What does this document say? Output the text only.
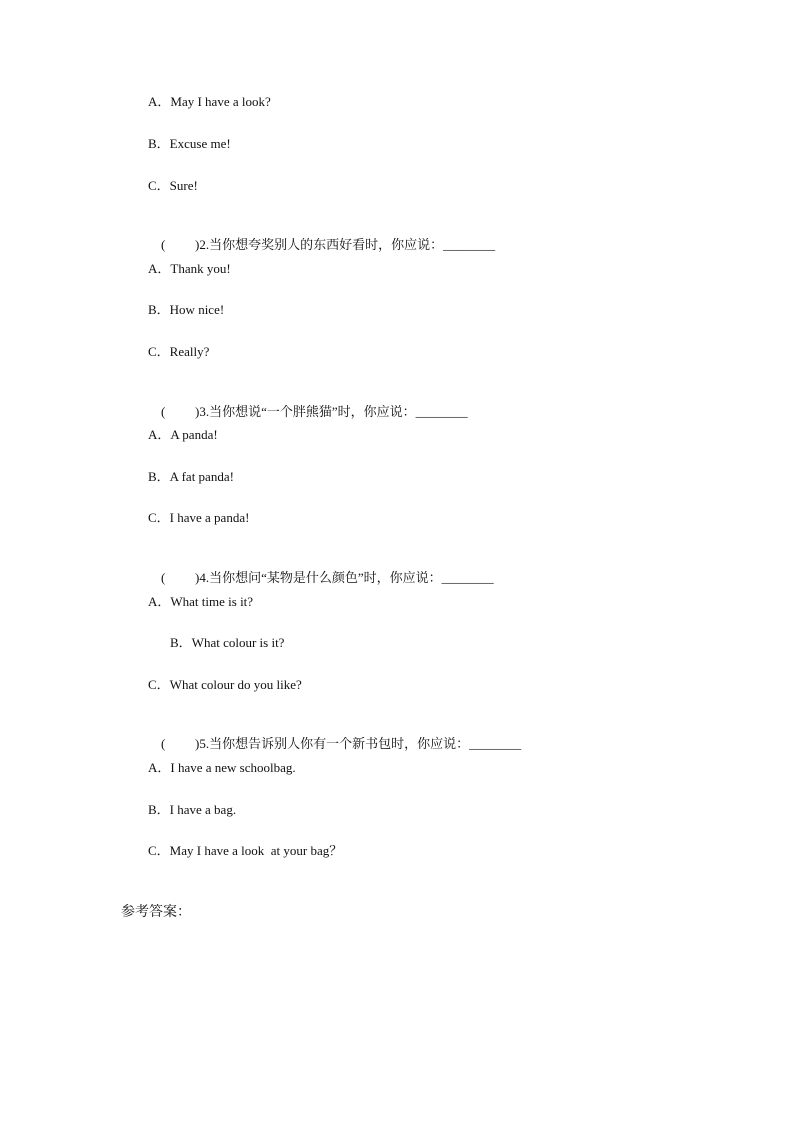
A．May I have a look?
B．Excuse me!
C．Sure!

( )2.当你想夸奖别人的东西好看时，你应说：________

A．Thank you!
B．How nice!
C．Really?

( )3.当你想说“一个胖熊猫”时，你应说：________

A．A panda!
B．A fat panda!
C．I have a panda!

( )4.当你想问“某物是什么颜色”时，你应说：________

A．What time is it?
B．What colour is it?
C．What colour do you like?

( )5.当你想告诉别人你有一个新书包时，你应说：________

A．I have a new schoolbag.
B．I have a bag.
C．May I have a look  at your bag？
参考答案：
